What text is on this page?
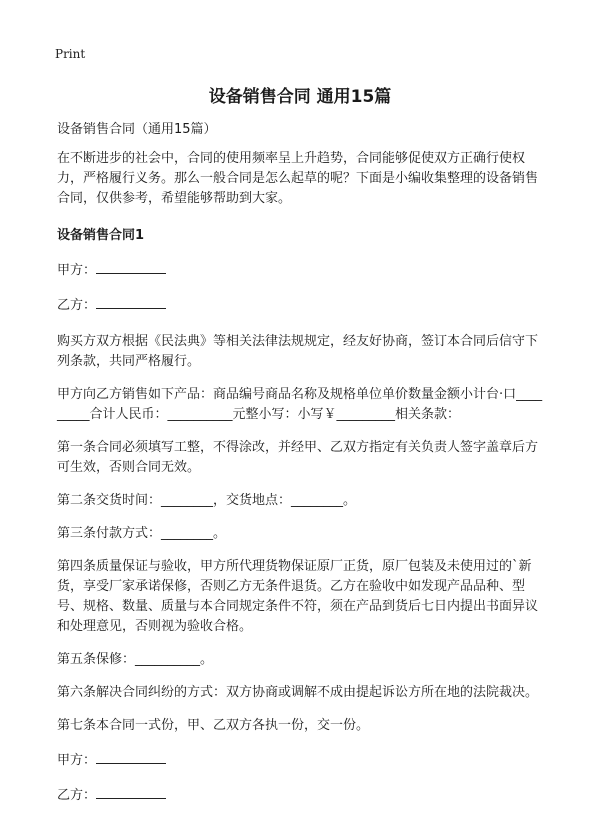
Print
设备销售合同 通用15篇

设备销售合同（通用15篇）

在不断进步的社会中，合同的使用频率呈上升趋势，合同能够促使双方正确行使权力，严格履行义务。那么一般合同是怎么起草的呢？下面是小编收集整理的设备销售合同，仅供参考，希望能够帮助到大家。

设备销售合同1

甲方：

乙方：

购买方双方根据《民法典》等相关法律法规规定，经友好协商，签订本合同后信守下列条款，共同严格履行。

甲方向乙方销售如下产品：商品编号商品名称及规格单位单价数量金额小计台·口_________合计人民币：__________元整小写：小写￥_________相关条款：

第一条合同必须填写工整，不得涂改，并经甲、乙双方指定有关负责人签字盖章后方可生效，否则合同无效。

第二条交货时间：________，交货地点：________。

第三条付款方式：________。

第四条质量保证与验收，甲方所代理货物保证原厂正货，原厂包装及未使用过的`新货，享受厂家承诺保修，否则乙方无条件退货。乙方在验收中如发现产品品种、型号、规格、数量、质量与本合同规定条件不符，须在产品到货后七日内提出书面异议和处理意见，否则视为验收合格。

第五条保修：__________。

第六条解决合同纠纷的方式：双方协商或调解不成由提起诉讼方所在地的法院裁决。

第七条本合同一式份，甲、乙双方各执一份，交一份。

甲方：

乙方：
